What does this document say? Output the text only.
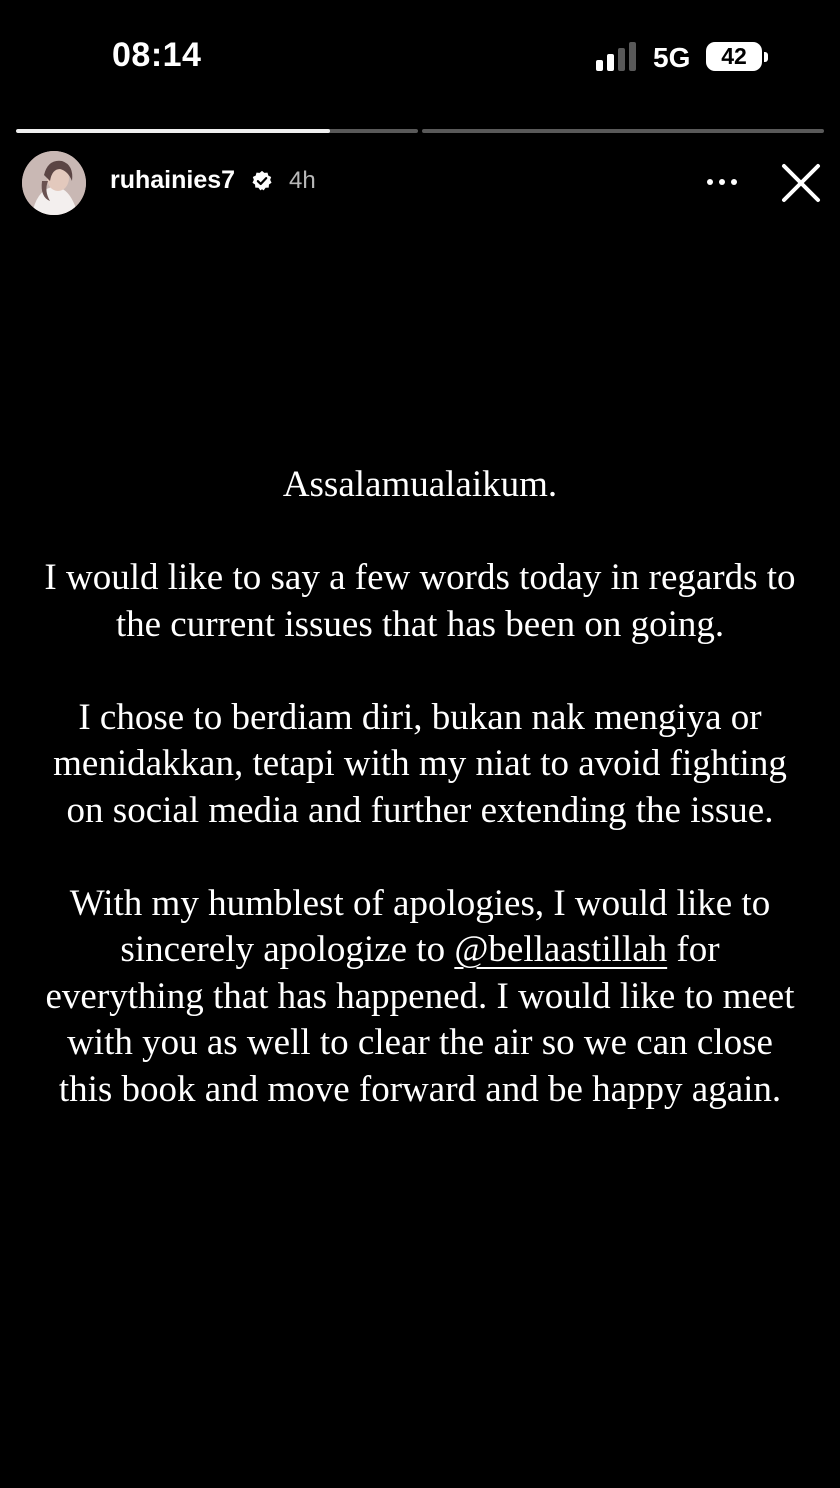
08:14	5G	42
ruhainies7 4h

Assalamualaikum.

I would like to say a few words today in regards to the current issues that has been on going.

I chose to berdiam diri, bukan nak mengiya or menidakkan, tetapi with my niat to avoid fighting on social media and further extending the issue.

With my humblest of apologies, I would like to sincerely apologize to @bellaastillah for everything that has happened. I would like to meet with you as well to clear the air so we can close this book and move forward and be happy again.
